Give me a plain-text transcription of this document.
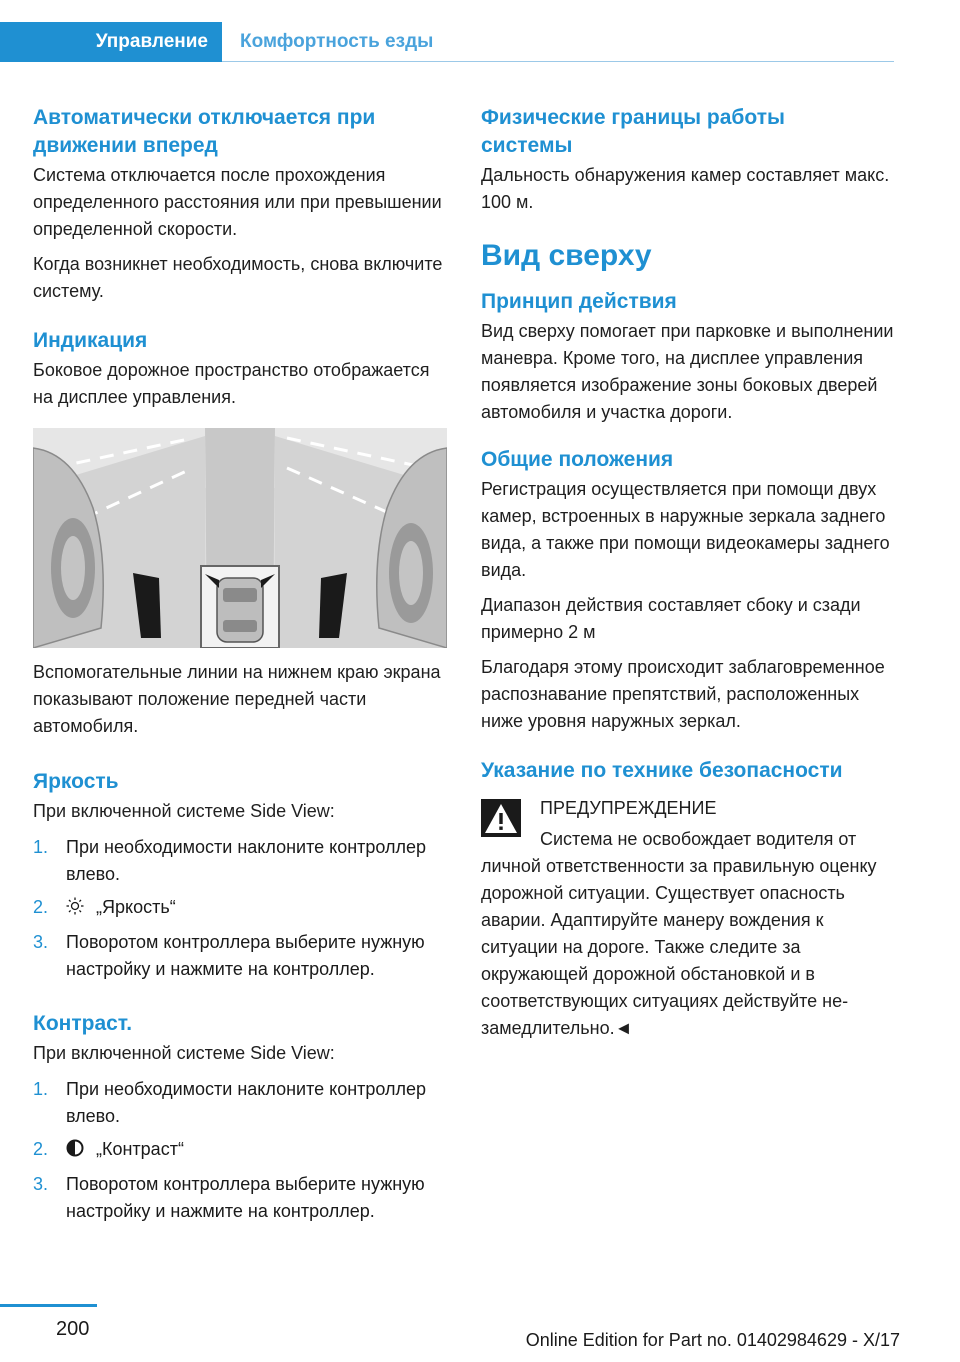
Управление	Комфортность езды
Автоматически отключается при движении вперед

Система отключается после прохождения определенного расстояния или при превышении определенной скорости.

Когда возникнет необходимость, снова включите систему.

Индикация

Боковое дорожное пространство отображается на дисплее управления.

Вспомогательные линии на нижнем краю экрана показывают положение передней части автомобиля.

Яркость

При включенной системе Side View:

1. При необходимости наклоните контроллер влево.
2.	„Яркость“
3. Поворотом контроллера выберите нужную настройку и нажмите на контроллер.
Контраст.

При включенной системе Side View:

1. При необходимости наклоните контроллер влево.
2.	„Контраст“
3. Поворотом контроллера выберите нужную настройку и нажмите на контроллер.
Физические границы работы системы

Дальность обнаружения камер составляет макс. 100 м.

Вид сверху
Принцип действия

Вид сверху помогает при парковке и выполнении маневра. Кроме того, на дисплее управления появляется изображение зоны боковых дверей автомобиля и участка дороги.

Общие положения

Регистрация осуществляется при помощи двух камер, встроенных в наружные зеркала заднего вида, а также при помощи видеокамеры заднего вида.

Диапазон действия составляет сбоку и сзади примерно 2 м

Благодаря этому происходит заблаговременное распознавание препятствий, расположенных ниже уровня наружных зеркал.

Указание по технике безопасности

ПРЕДУПРЕЖДЕНИЕ

Система не освобождает водителя от личной ответственности за правильную оценку дорожной ситуации. Существует опасность аварии. Адаптируйте манеру вождения к ситуации на дороге. Также следите за окружающей дорожной обстановкой и в соответствующих ситуациях действуйте незамедлительно.◄

200	Online Edition for Part no. 01402984629 - X/17
